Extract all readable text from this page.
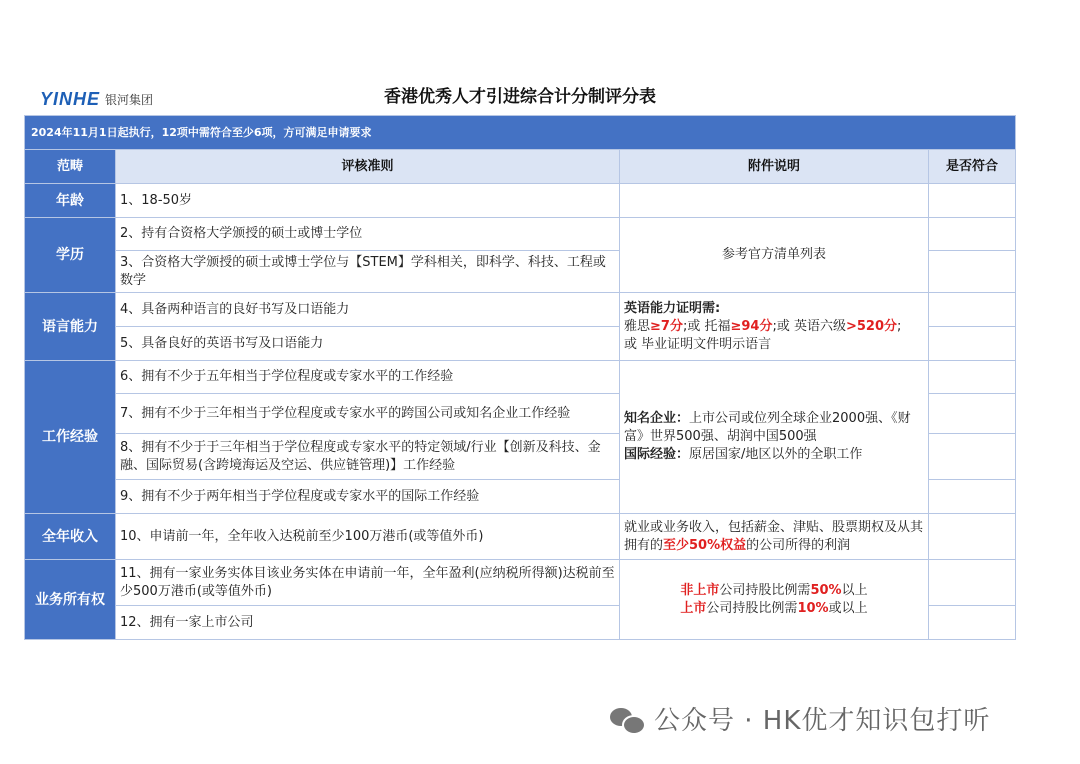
YINHE 银河集团	香港优秀人才引进综合计分制评分表
2024年11月1日起执行，12项中需符合至少6项，方可满足申请要求			
范畴	评核准则	附件说明	是否符合
年龄	1、18-50岁		
学历	2、持有合资格大学颁授的硕士或博士学位	参考官方清单列表	
	3、合资格大学颁授的硕士或博士学位与【STEM】学科相关，即科学、科技、工程或数学		
语言能力	4、具备两种语言的良好书写及口语能力	英语能力证明需:
雅思≥7分;或 托福≥94分;或 英语六级>520分;
或 毕业证明文件明示语言	

	5、具备良好的英语书写及口语能力		
工作经验	6、拥有不少于五年相当于学位程度或专家水平的工作经验	知名企业：上市公司或位列全球企业2000强、《财富》世界500强、胡润中国500强
国际经验：原居国家/地区以外的全职工作	

	7、拥有不少于三年相当于学位程度或专家水平的跨国公司或知名企业工作经验		
	8、拥有不少于于三年相当于学位程度或专家水平的特定领域/行业【创新及科技、金融、国际贸易(含跨境海运及空运、供应链管理)】工作经验		
	9、拥有不少于两年相当于学位程度或专家水平的国际工作经验		
全年收入	10、申请前一年，全年收入达税前至少100万港币(或等值外币)	就业或业务收入，包括薪金、津贴、股票期权及从其拥有的至少50%权益的公司所得的利润	
业务所有权	11、拥有一家业务实体目该业务实体在申请前一年，全年盈利(应纳税所得额)达税前至少500万港币(或等值外币)	非上市公司持股比例需50%以上
上市公司持股比例需10%或以上	

	12、拥有一家上市公司		
公众号 · HK优才知识包打听
